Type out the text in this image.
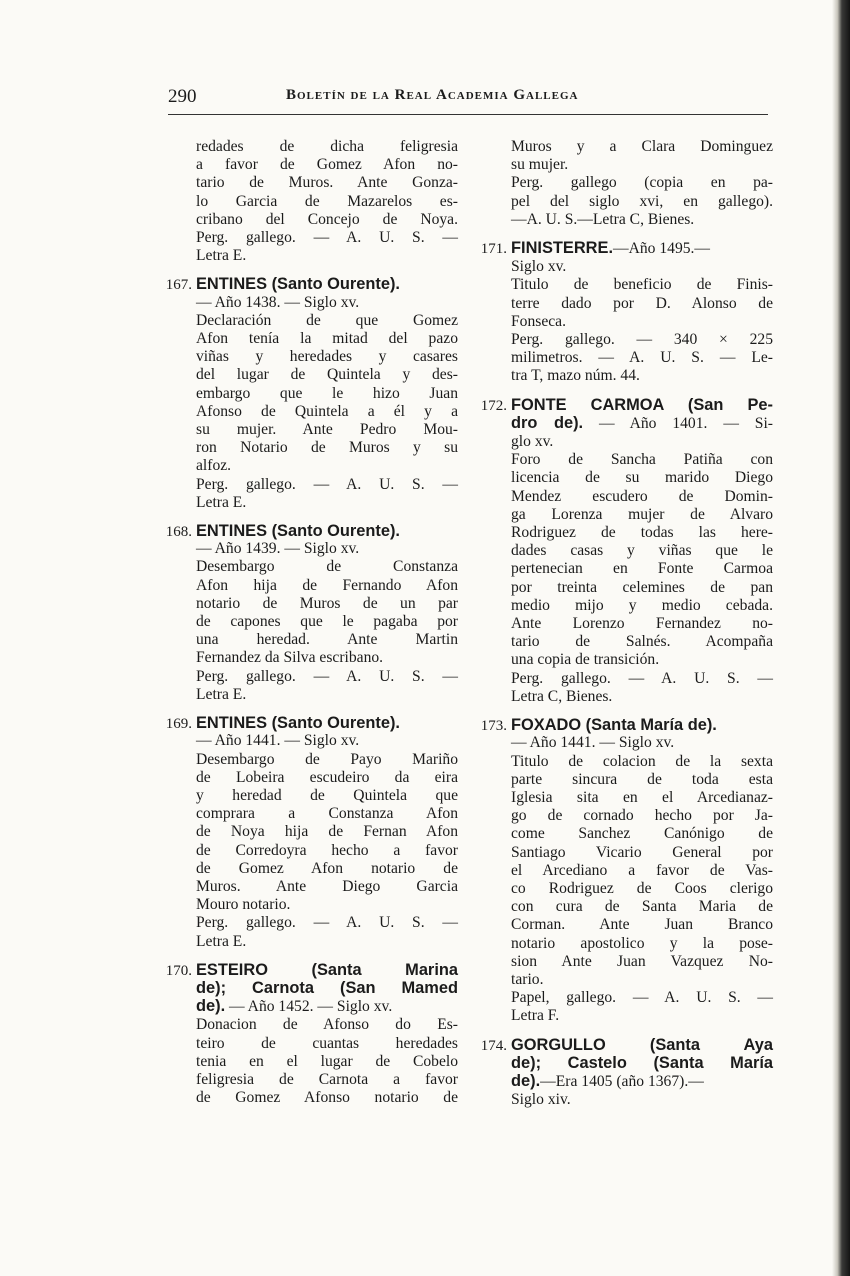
290	Boletín de la Real Academia Gallega
redades de dicha feligresia
a favor de Gomez Afon no-
tario de Muros. Ante Gonza-
lo Garcia de Mazarelos es-
cribano del Concejo de Noya.
Perg. gallego. — A. U. S. —
Letra E.
167. ENTINES (Santo Ourente).
— Año 1438. — Siglo xv.
Declaración de que Gomez
Afon tenía la mitad del pazo
viñas y heredades y casares
del lugar de Quintela y des-
embargo que le hizo Juan
Afonso de Quintela a él y a
su mujer. Ante Pedro Mou-
ron Notario de Muros y su
alfoz.
Perg. gallego. — A. U. S. —
Letra E.
168. ENTINES (Santo Ourente).
— Año 1439. — Siglo xv.
Desembargo de Constanza
Afon hija de Fernando Afon
notario de Muros de un par
de capones que le pagaba por
una heredad. Ante Martin
Fernandez da Silva escribano.
Perg. gallego. — A. U. S. —
Letra E.
169. ENTINES (Santo Ourente).
— Año 1441. — Siglo xv.
Desembargo de Payo Mariño
de Lobeira escudeiro da eira
y heredad de Quintela que
comprara a Constanza Afon
de Noya hija de Fernan Afon
de Corredoyra hecho a favor
de Gomez Afon notario de
Muros. Ante Diego Garcia
Mouro notario.
Perg. gallego. — A. U. S. —
Letra E.
170. ESTEIRO (Santa Marina
de); Carnota (San Mamed
de). — Año 1452. — Siglo xv.
Donacion de Afonso do Es-
teiro de cuantas heredades
tenia en el lugar de Cobelo
feligresia de Carnota a favor
de Gomez Afonso notario de
Muros y a Clara Dominguez
su mujer.
Perg. gallego (copia en pa-
pel del siglo xvi, en gallego).
—A. U. S.—Letra C, Bienes.
171. FINISTERRE.—Año 1495.—
Siglo xv.
Titulo de beneficio de Finis-
terre dado por D. Alonso de
Fonseca.
Perg. gallego. — 340 × 225
milimetros. — A. U. S. — Le-
tra T, mazo núm. 44.
172. FONTE CARMOA (San Pe-
dro de). — Año 1401. — Si-
glo xv.
Foro de Sancha Patiña con
licencia de su marido Diego
Mendez escudero de Domin-
ga Lorenza mujer de Alvaro
Rodriguez de todas las here-
dades casas y viñas que le
pertenecian en Fonte Carmoa
por treinta celemines de pan
medio mijo y medio cebada.
Ante Lorenzo Fernandez no-
tario de Salnés. Acompaña
una copia de transición.
Perg. gallego. — A. U. S. —
Letra C, Bienes.
173. FOXADO (Santa María de).
— Año 1441. — Siglo xv.
Titulo de colacion de la sexta
parte sincura de toda esta
Iglesia sita en el Arcedianaz-
go de cornado hecho por Ja-
come Sanchez Canónigo de
Santiago Vicario General por
el Arcediano a favor de Vas-
co Rodriguez de Coos clerigo
con cura de Santa Maria de
Corman. Ante Juan Branco
notario apostolico y la pose-
sion Ante Juan Vazquez No-
tario.
Papel, gallego. — A. U. S. —
Letra F.
174. GORGULLO (Santa Aya
de); Castelo (Santa María
de).—Era 1405 (año 1367).—
Siglo xiv.
